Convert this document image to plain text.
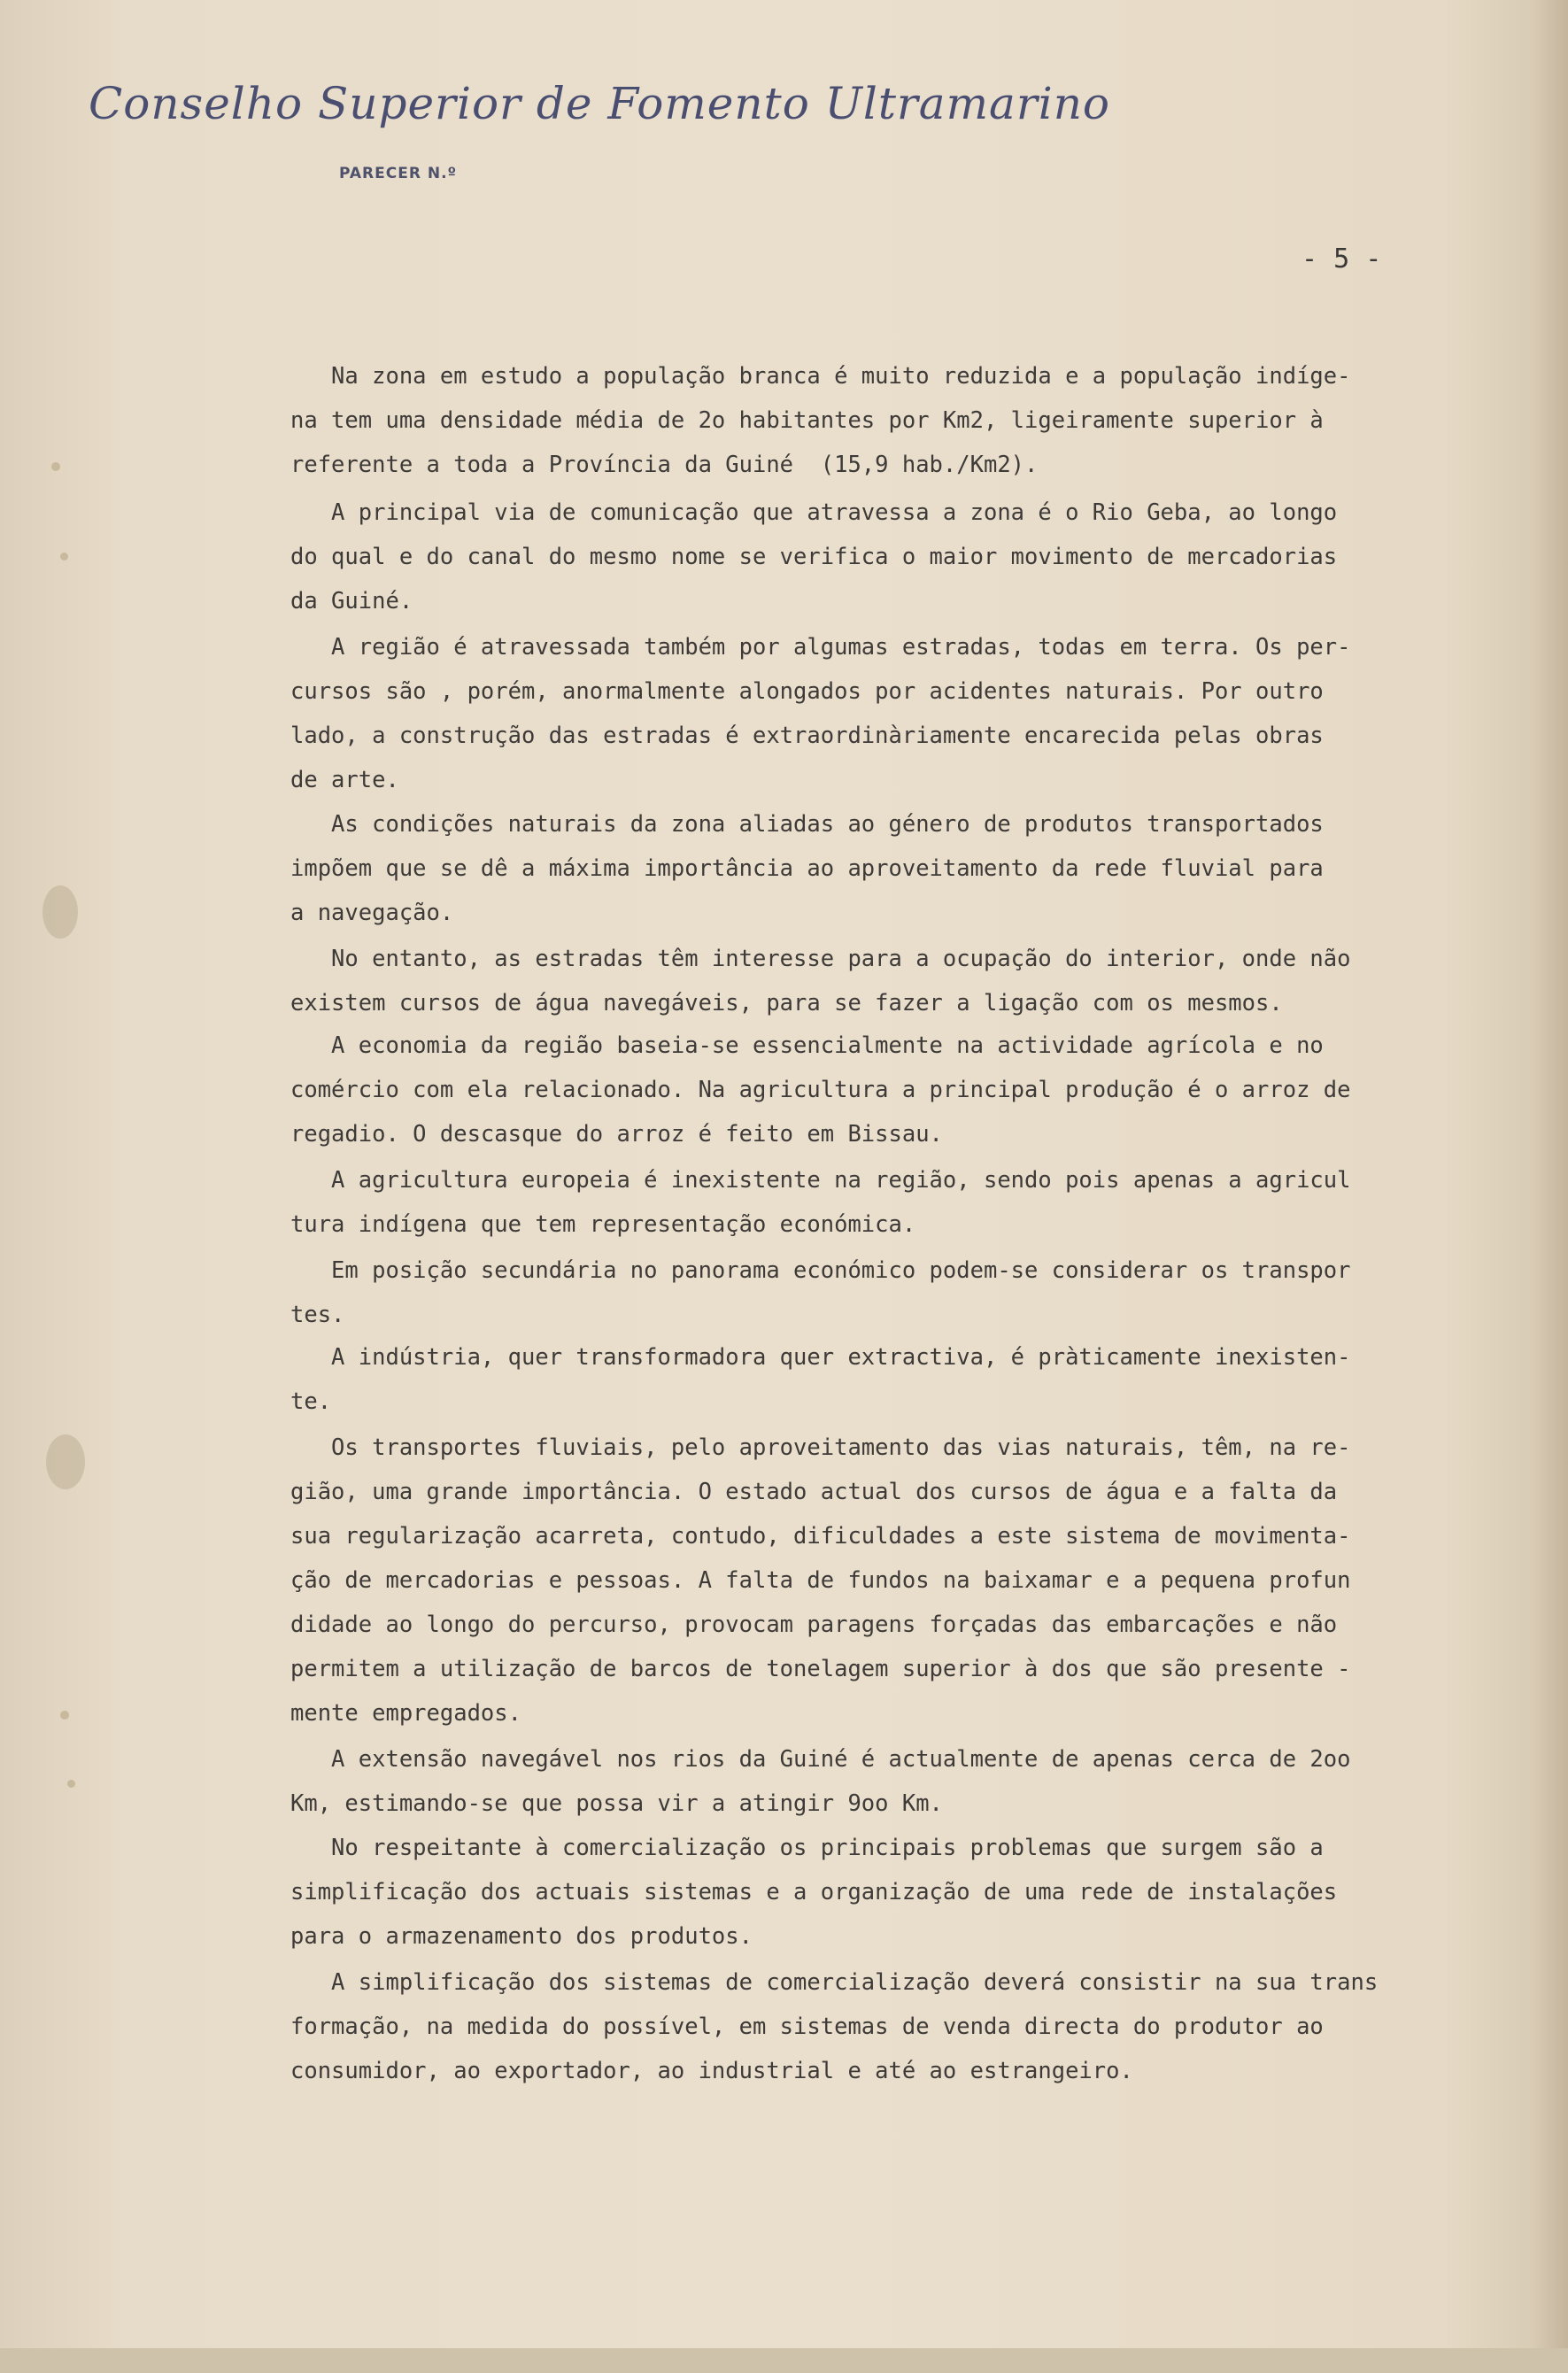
Conselho Superior de Fomento Ultramarino
PARECER N.º
- 5 -
Na zona em estudo a população branca é muito reduzida e a população indíge-
na tem uma densidade média de 2o habitantes por Km2, ligeiramente superior à
referente a toda a Província da Guiné  (15,9 hab./Km2).
A principal via de comunicação que atravessa a zona é o Rio Geba, ao longo
do qual e do canal do mesmo nome se verifica o maior movimento de mercadorias
da Guiné.
A região é atravessada também por algumas estradas, todas em terra. Os per-
cursos são , porém, anormalmente alongados por acidentes naturais. Por outro
lado, a construção das estradas é extraordinàriamente encarecida pelas obras
de arte.
As condições naturais da zona aliadas ao género de produtos transportados
impõem que se dê a máxima importância ao aproveitamento da rede fluvial para
a navegação.
No entanto, as estradas têm interesse para a ocupação do interior, onde não
existem cursos de água navegáveis, para se fazer a ligação com os mesmos.
A economia da região baseia-se essencialmente na actividade agrícola e no
comércio com ela relacionado. Na agricultura a principal produção é o arroz de
regadio. O descasque do arroz é feito em Bissau.
A agricultura europeia é inexistente na região, sendo pois apenas a agricul
tura indígena que tem representação económica.
Em posição secundária no panorama económico podem-se considerar os transpor
tes.
A indústria, quer transformadora quer extractiva, é pràticamente inexisten-
te.
Os transportes fluviais, pelo aproveitamento das vias naturais, têm, na re-
gião, uma grande importância. O estado actual dos cursos de água e a falta da
sua regularização acarreta, contudo, dificuldades a este sistema de movimenta-
ção de mercadorias e pessoas. A falta de fundos na baixamar e a pequena profun
didade ao longo do percurso, provocam paragens forçadas das embarcações e não
permitem a utilização de barcos de tonelagem superior à dos que são presente -
mente empregados.
A extensão navegável nos rios da Guiné é actualmente de apenas cerca de 2oo
Km, estimando-se que possa vir a atingir 9oo Km.
No respeitante à comercialização os principais problemas que surgem são a
simplificação dos actuais sistemas e a organização de uma rede de instalações
para o armazenamento dos produtos.
A simplificação dos sistemas de comercialização deverá consistir na sua trans
formação, na medida do possível, em sistemas de venda directa do produtor ao
consumidor, ao exportador, ao industrial e até ao estrangeiro.
